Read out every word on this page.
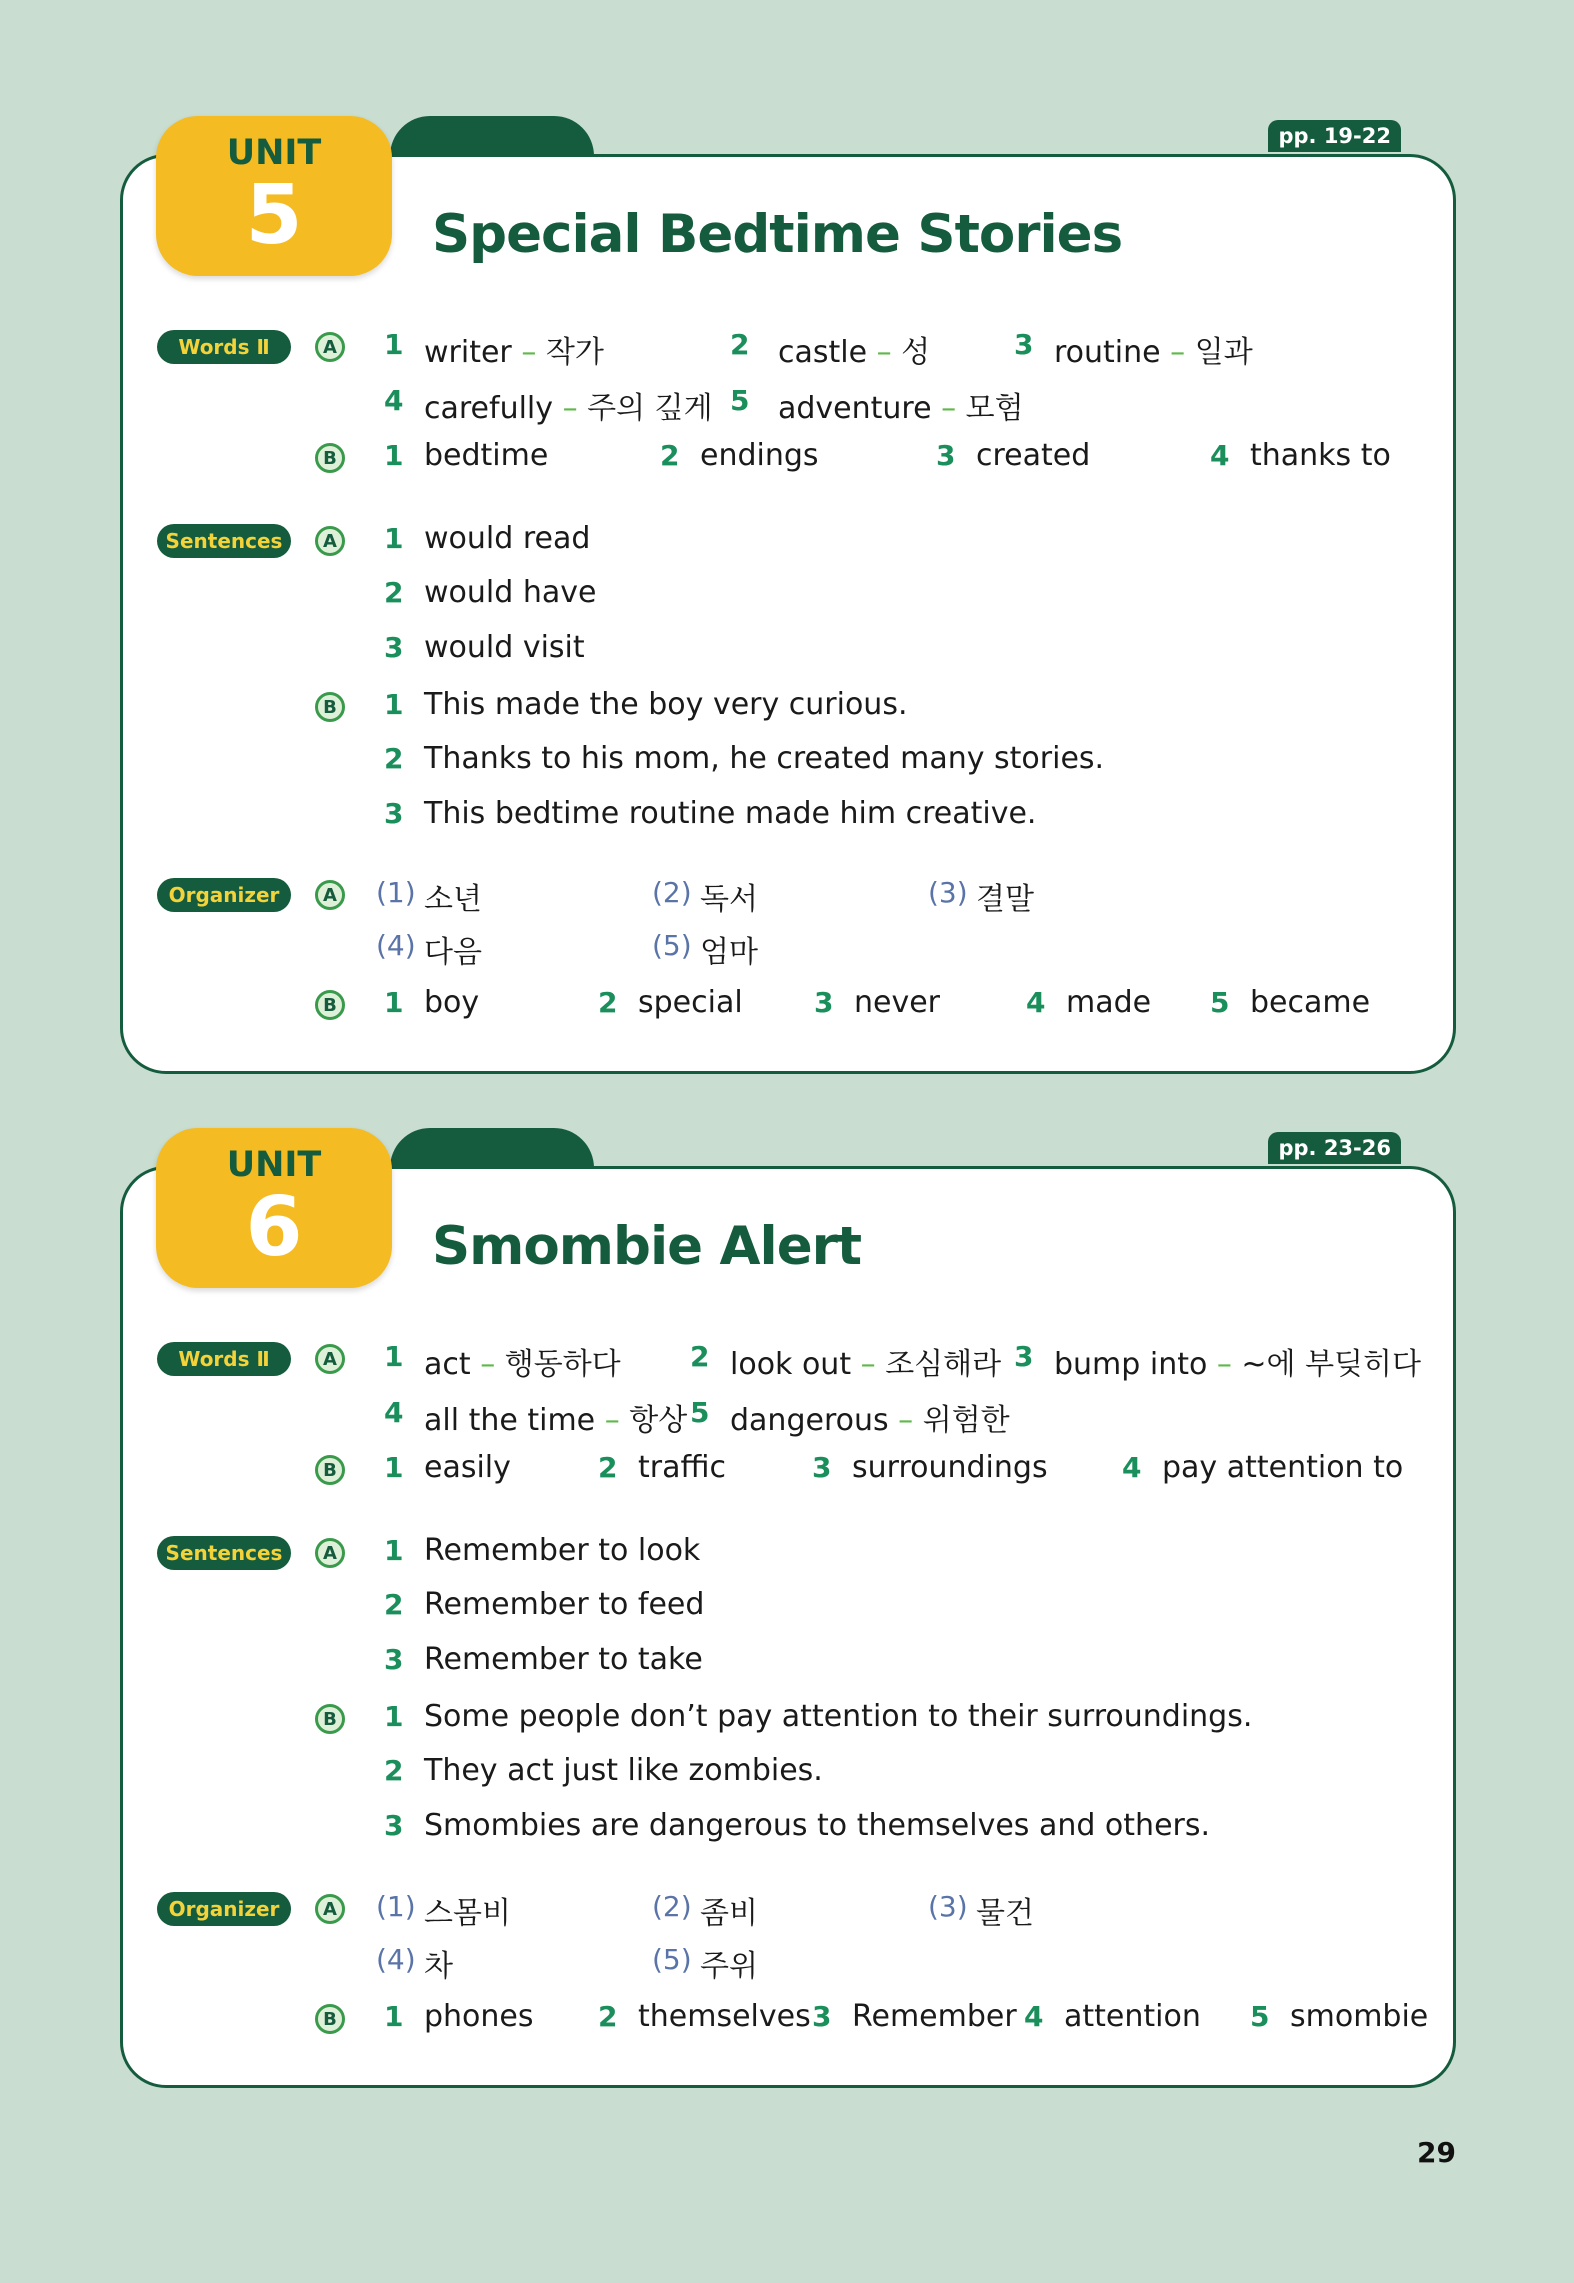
UNIT
5
pp. 19-22
Special Bedtime Stories
Words Ⅱ	A 1 writer – 작가	2 castle – 성	3 routine – 일과
4 carefully – 주의 깊게 5 adventure – 모험
B 1 bedtime	2 endings	3 created	4 thanks to
Sentences	A 1 would read
2 would have
3 would visit
B 1 This made the boy very curious.
2 Thanks to his mom, he created many stories.
3 This bedtime routine made him creative.
Organizer	A (1) 소년	(2) 독서	(3) 결말
(4) 다음	(5) 엄마
B 1 boy	2 special	3 never	4 made 5 became
UNIT
6
pp. 23-26
Smombie Alert
Words Ⅱ	A 1 act – 행동하다 2 look out – 조심해라 3 bump into – ~에 부딪히다
4 all the time – 항상 5 dangerous – 위험한
B 1 easily	2 traffic	3 surroundings	4 pay attention to
Sentences	A 1 Remember to look
2 Remember to feed
3 Remember to take
B 1 Some people don’t pay attention to their surroundings.
2 They act just like zombies.
3 Smombies are dangerous to themselves and others.
Organizer	A (1) 스몸비	(2) 좀비	(3) 물건
(4) 차	(5) 주위
B 1 phones 2 themselves 3 Remember 4 attention 5 smombie
29
